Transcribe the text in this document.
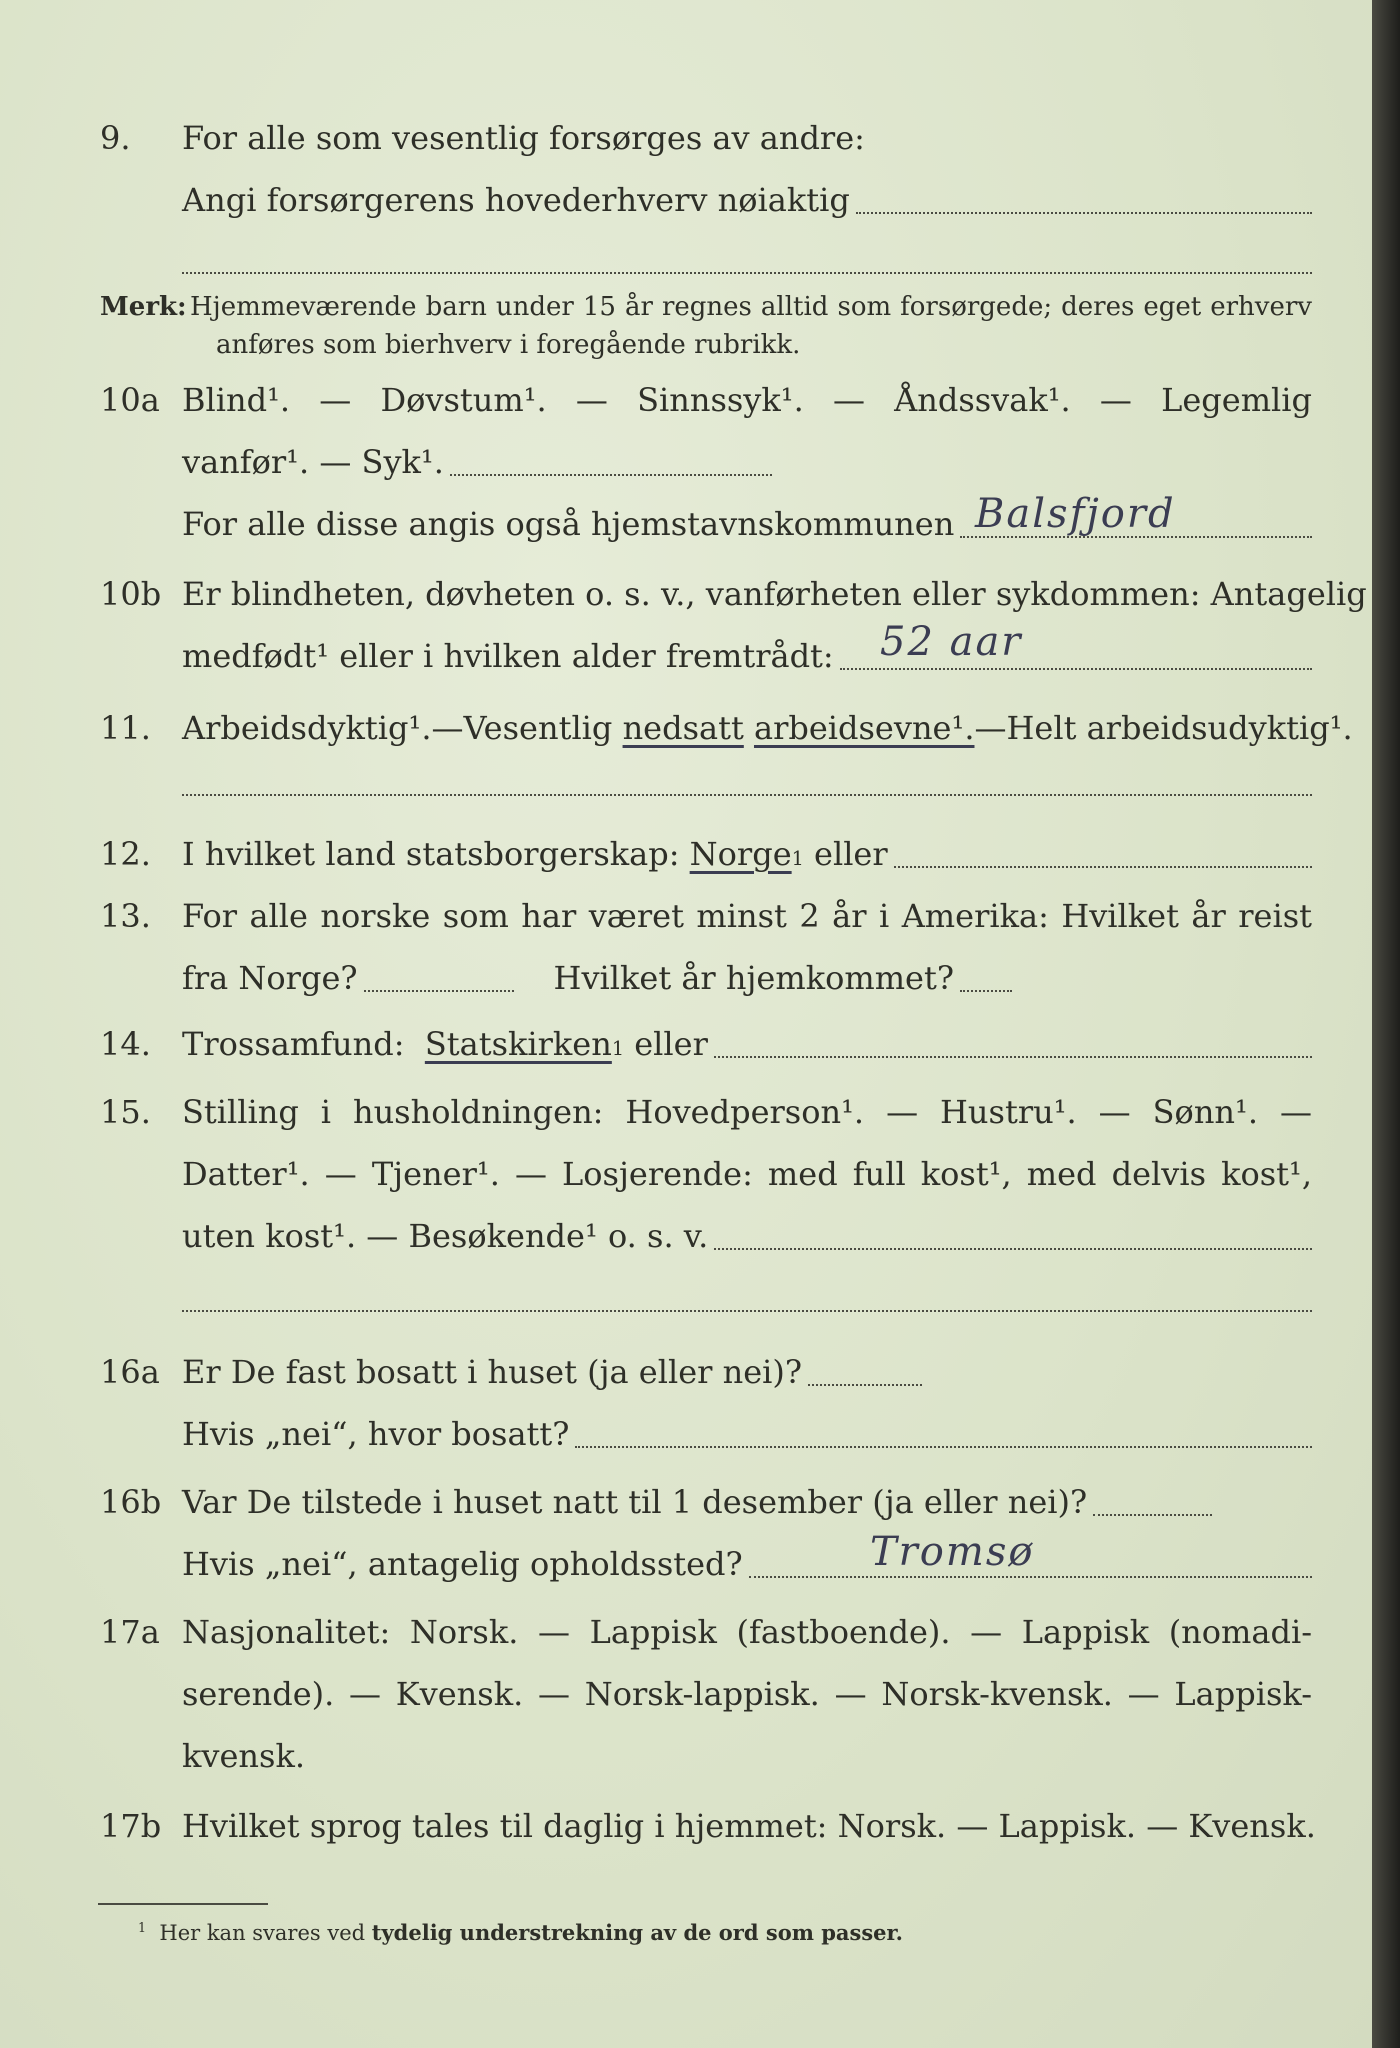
9. For alle som vesentlig forsørges av andre:
Angi forsørgerens hovederhverv nøiaktig
Merk: Hjemmeværende barn under 15 år regnes alltid som forsørgede; deres eget erhverv
anføres som bierhverv i foregående rubrikk.
10a Blind¹. — Døvstum¹. — Sinnssyk¹. — Åndssvak¹. — Legemlig
vanfør¹. — Syk¹.
For alle disse angis også hjemstavnskommunen Balsfjord
10b Er blindheten, døvheten o. s. v., vanførheten eller sykdommen: Antagelig
medfødt¹ eller i hvilken alder fremtrådt: 52 aar
11. Arbeidsdyktig¹. — Vesentlig nedsatt arbeidsevne¹. — Helt arbeidsudyktig¹.
12. I hvilket land statsborgerskap:
Norge 1
eller
13. For alle norske som har været minst 2 år i Amerika: Hvilket år reist
fra Norge?	Hvilket år hjemkommet?
14. Trossamfund:
Statskirken 1
eller
15. Stilling i husholdningen: Hovedperson¹. — Hustru¹. — Sønn¹. —
Datter¹. — Tjener¹. — Losjerende: med full kost¹, med delvis kost¹,
uten kost¹. — Besøkende¹ o. s. v.
16a Er De fast bosatt i huset (ja eller nei)?
Hvis „nei“, hvor bosatt?
16b Var De tilstede i huset natt til 1 desember (ja eller nei)?
Hvis „nei“, antagelig opholdssted?	Tromsø
17a Nasjonalitet: Norsk. — Lappisk (fastboende). — Lappisk (nomadi-
serende). — Kvensk. — Norsk-lappisk. — Norsk-kvensk. — Lappisk-
kvensk.
17b Hvilket sprog tales til daglig i hjemmet: Norsk. — Lappisk. — Kvensk.
$^1$ Her kan svares ved tydelig understrekning av de ord som passer.
